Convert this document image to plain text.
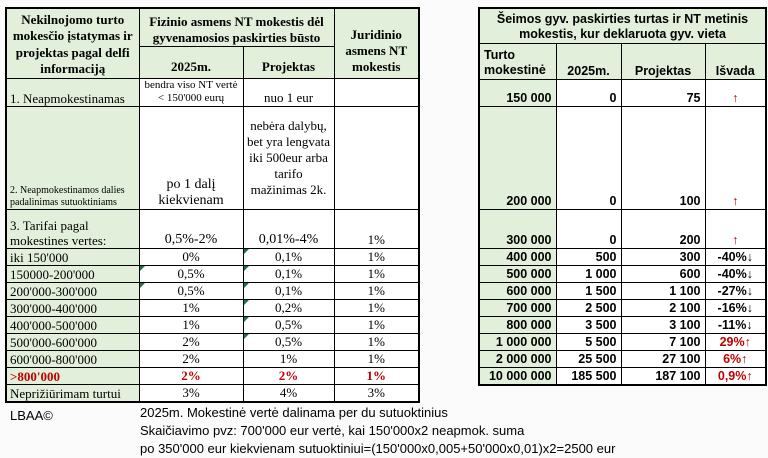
Nekilnojomo turto mokesčio įstatymas ir projektas pagal delfi informaciją	Fizinio asmens NT mokestis dėl gyvenamosios paskirties būsto		Juridinio asmens NT mokestis
	2025m.	Projektas	
1. Neapmokestinamas	bendra viso NT vertė < 150'000 eurų	nuo 1 eur	
2. Neapmokestinamos dalies padalinimas sutuoktiniams	po 1 dalį kiekvienam	nebėra dalybų, bet yra lengvata iki 500eur arba tarifo mažinimas 2k.	
3. Tarifai pagal mokestines vertes:	0,5%-2%	0,01%-4%	1%
iki 150'000	0%	0,1%	1%
150000-200'000	0,5%	0,1%	1%
200'000-300'000	0,5%	0,1%	1%
300'000-400'000	1%	0,2%	1%
400'000-500'000	1%	0,5%	1%
500'000-600'000	2%	0,5%	1%
600'000-800'000	2%	1%	1%
>800'000	2%	2%	1%
Neprižiūrimam turtui	3%	4%	3%
Šeimos gyv. paskirties turtas ir NT metinis mokestis, kur deklaruota gyv. vieta			
Turto mokestinė	2025m.	Projektas	Išvada
150 000	0	75	↑
200 000	0	100	↑
300 000	0	200	↑
400 000	500	300	-40%↓
500 000	1 000	600	-40%↓
600 000	1 500	1 100	-27%↓
700 000	2 500	2 100	-16%↓
800 000	3 500	3 100	-11%↓
1 000 000	5 500	7 100	29%↑
2 000 000	25 500	27 100	6%↑
10 000 000	185 500	187 100	0,9%↑
LBAA©	2025m. Mokestinė vertė dalinama per du sutuoktinius
Skaičiavimo pvz: 700'000 eur vertė, kai 150'000x2 neapmok. suma
po 350'000 eur kiekvienam sutuoktiniui=(150'000x0,005+50'000x0,01)x2=2500 eur
